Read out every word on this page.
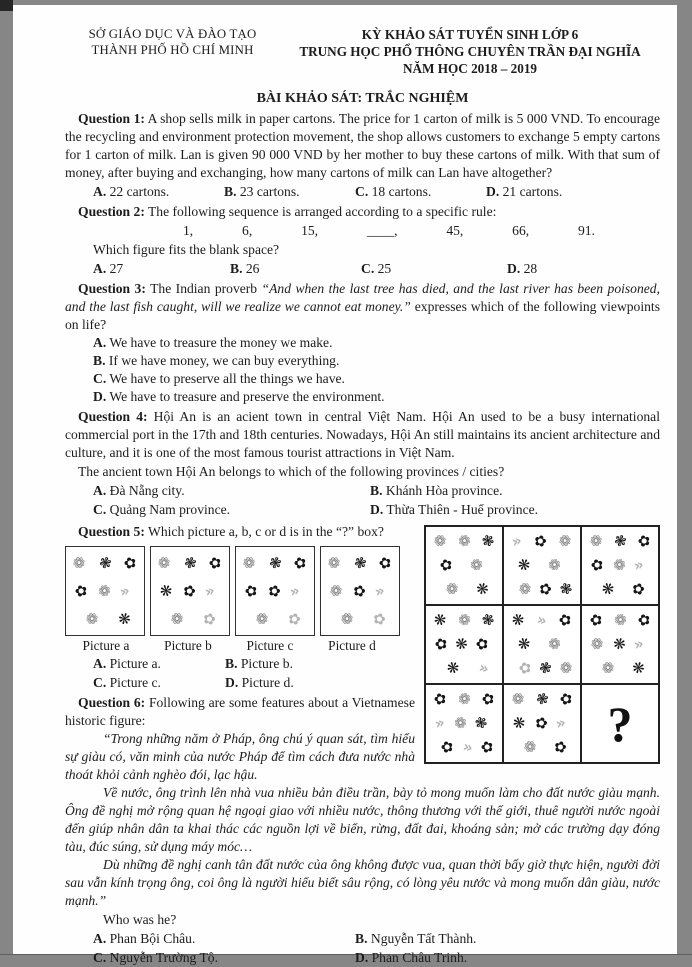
SỞ GIÁO DỤC VÀ ĐÀO TẠO
THÀNH PHỐ HỒ CHÍ MINH
KỲ KHẢO SÁT TUYỂN SINH LỚP 6
TRUNG HỌC PHỔ THÔNG CHUYÊN TRẦN ĐẠI NGHĨA
NĂM HỌC 2018 – 2019
BÀI KHẢO SÁT: TRẮC NGHIỆM

Question 1: A shop sells milk in paper cartons. The price for 1 carton of milk is 5 000 VND. To encourage the recycling and environment protection movement, the shop allows customers to exchange 5 empty cartons for 1 carton of milk. Lan is given 90 000 VND by her mother to buy these cartons of milk. With that sum of money, after buying and exchanging, how many cartons of milk can Lan have altogether?

A. 22 cartons.	B. 23 cartons.	C. 18 cartons.	D. 21 cartons.

Question 2: The following sequence is arranged according to a specific rule:

1,	6,	15,	____,	45,	66,	91.
Which figure fits the blank space?
A. 27	B. 26	C. 25	D. 28

Question 3: The Indian proverb “And when the last tree has died, and the last river has been poisoned, and the last fish caught, will we realize we cannot eat money.” expresses which of the following viewpoints on life?

A. We have to treasure the money we make.
B. If we have money, we can buy everything.
C. We have to preserve all the things we have.
D. We have to treasure and preserve the environment.

Question 4: Hội An is an acient town in central Việt Nam. Hội An used to be a busy international commercial port in the 17th and 18th centuries. Nowadays, Hội An still maintains its ancient architecture and culture, and it is one of the most famous tourist attractions in Việt Nam.

The ancient town Hội An belongs to which of the following provinces / cities?
A. Đà Nẵng city.	B. Khánh Hòa province.
C. Quảng Nam province.	D. Thừa Thiên - Huế province.
❁ ❁ ❃
✿ ❁
❁ ❋
» ✿ ❁
❋ ❁
❁ ✿ ❃
❁ ❃ ✿
✿ ❁ »
❋ ✿
❋ ❁ ❃
✿ ❋ ✿
❋ »
❋ » ✿
❋ ❁
✿ ❃ ❁
✿ ❁ ✿
❁ ❋ »
❁ ❋
✿ ❁ ✿
» ❁ ❃
✿ » ✿
❁ ❃ ✿
❋ ✿ »
❁ ✿ ?

Question 5: Which picture a, b, c or d is in the “?” box?

❁ ❃ ✿
✿ ❁ »
❁ ❋
❁ ❃ ✿
❋ ✿ »
❁ ✿
❁ ❃ ✿
✿ ✿ »
❁ ✿
❁ ❃ ✿
❁ ✿ »
❁ ✿
Picture a	Picture b	Picture c	Picture d
A. Picture a.	B. Picture b.
C. Picture c.	D. Picture d.

Question 6: Following are some features about a Vietnamese historic figure:

“Trong những năm ở Pháp, ông chú ý quan sát, tìm hiểu sự giàu có, văn minh của nước Pháp để tìm cách đưa nước nhà thoát khỏi cảnh nghèo đói, lạc hậu.

Về nước, ông trình lên nhà vua nhiều bản điều trần, bày tỏ mong muốn làm cho đất nước giàu mạnh. Ông đề nghị mở rộng quan hệ ngoại giao với nhiều nước, thông thương với thế giới, thuê người nước ngoài đến giúp nhân dân ta khai thác các nguồn lợi về biển, rừng, đất đai, khoáng sản; mở các trường dạy đóng tàu, đúc súng, sử dụng máy móc…

Dù những đề nghị canh tân đất nước của ông không được vua, quan thời bấy giờ thực hiện, người đời sau vẫn kính trọng ông, coi ông là người hiểu biết sâu rộng, có lòng yêu nước và mong muốn dân giàu, nước mạnh.”

Who was he?
A. Phan Bội Châu.	B. Nguyễn Tất Thành.
C. Nguyễn Trường Tộ.	D. Phan Châu Trinh.
